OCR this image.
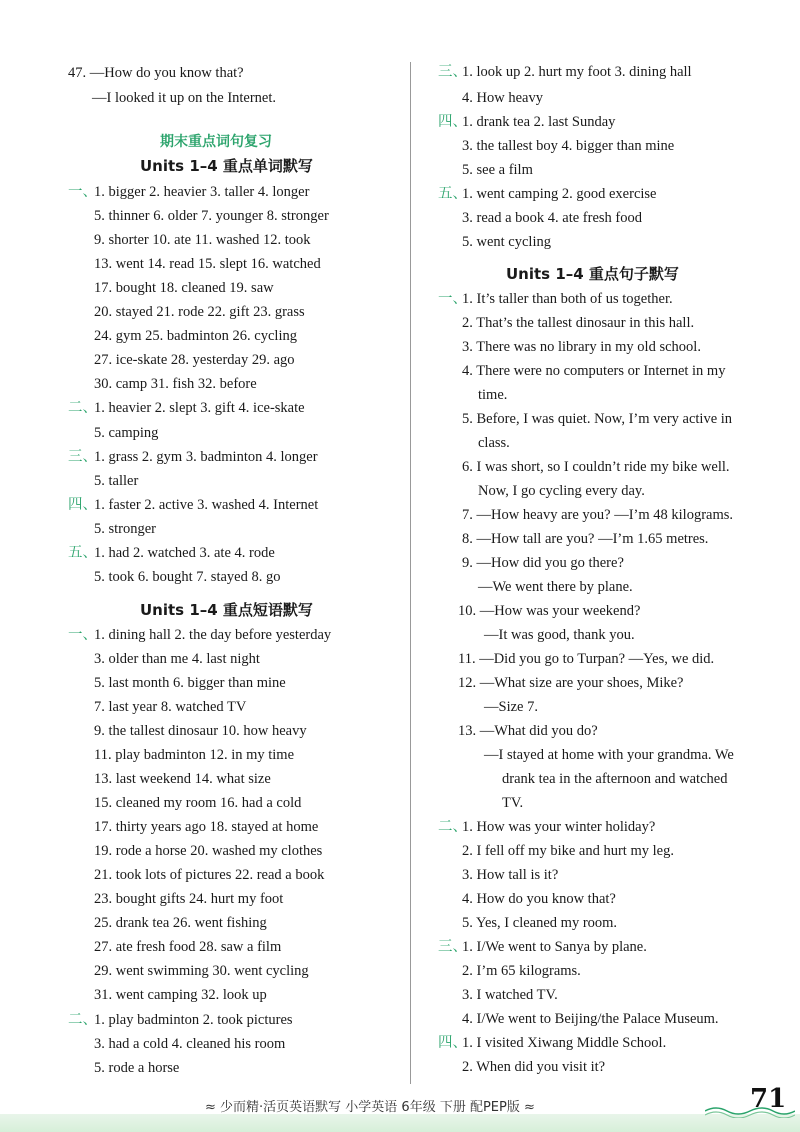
47. —How do you know that?
—I looked it up on the Internet.
期末重点词句复习
Units 1–4 重点单词默写
一、
1. bigger 2. heavier 3. taller 4. longer
5. thinner 6. older 7. younger 8. stronger
9. shorter 10. ate 11. washed 12. took
13. went 14. read 15. slept 16. watched
17. bought 18. cleaned 19. saw
20. stayed 21. rode 22. gift 23. grass
24. gym 25. badminton 26. cycling
27. ice-skate 28. yesterday 29. ago
30. camp 31. fish 32. before
二、
1. heavier 2. slept 3. gift 4. ice-skate
5. camping
三、
1. grass 2. gym 3. badminton 4. longer
5. taller
四、
1. faster 2. active 3. washed 4. Internet
5. stronger
五、
1. had 2. watched 3. ate 4. rode
5. took 6. bought 7. stayed 8. go
Units 1–4 重点短语默写
一、
1. dining hall 2. the day before yesterday
3. older than me 4. last night
5. last month 6. bigger than mine
7. last year 8. watched TV
9. the tallest dinosaur 10. how heavy
11. play badminton 12. in my time
13. last weekend 14. what size
15. cleaned my room 16. had a cold
17. thirty years ago 18. stayed at home
19. rode a horse 20. washed my clothes
21. took lots of pictures 22. read a book
23. bought gifts 24. hurt my foot
25. drank tea 26. went fishing
27. ate fresh food 28. saw a film
29. went swimming 30. went cycling
31. went camping 32. look up
二、
1. play badminton 2. took pictures
3. had a cold 4. cleaned his room
5. rode a horse
三、
1. look up 2. hurt my foot 3. dining hall
4. How heavy
四、
1. drank tea 2. last Sunday
3. the tallest boy 4. bigger than mine
5. see a film
五、
1. went camping 2. good exercise
3. read a book 4. ate fresh food
5. went cycling
Units 1–4 重点句子默写
一、
1. It’s taller than both of us together.
2. That’s the tallest dinosaur in this hall.
3. There was no library in my old school.
4. There were no computers or Internet in my
time.
5. Before, I was quiet. Now, I’m very active in
class.
6. I was short, so I couldn’t ride my bike well.
Now, I go cycling every day.
7. —How heavy are you? —I’m 48 kilograms.
8. —How tall are you? —I’m 1.65 metres.
9. —How did you go there?
—We went there by plane.
10. —How was your weekend?
—It was good, thank you.
11. —Did you go to Turpan? —Yes, we did.
12. —What size are your shoes, Mike?
—Size 7.
13. —What did you do?
—I stayed at home with your grandma. We
drank tea in the afternoon and watched
TV.
二、
1. How was your winter holiday?
2. I fell off my bike and hurt my leg.
3. How tall is it?
4. How do you know that?
5. Yes, I cleaned my room.
三、
1. I/We went to Sanya by plane.
2. I’m 65 kilograms.
3. I watched TV.
4. I/We went to Beijing/the Palace Museum.
四、
1. I visited Xiwang Middle School.
2. When did you visit it?
≈ 少而精·活页英语默写 小学英语 6年级 下册 配PEP版 ≈	71
